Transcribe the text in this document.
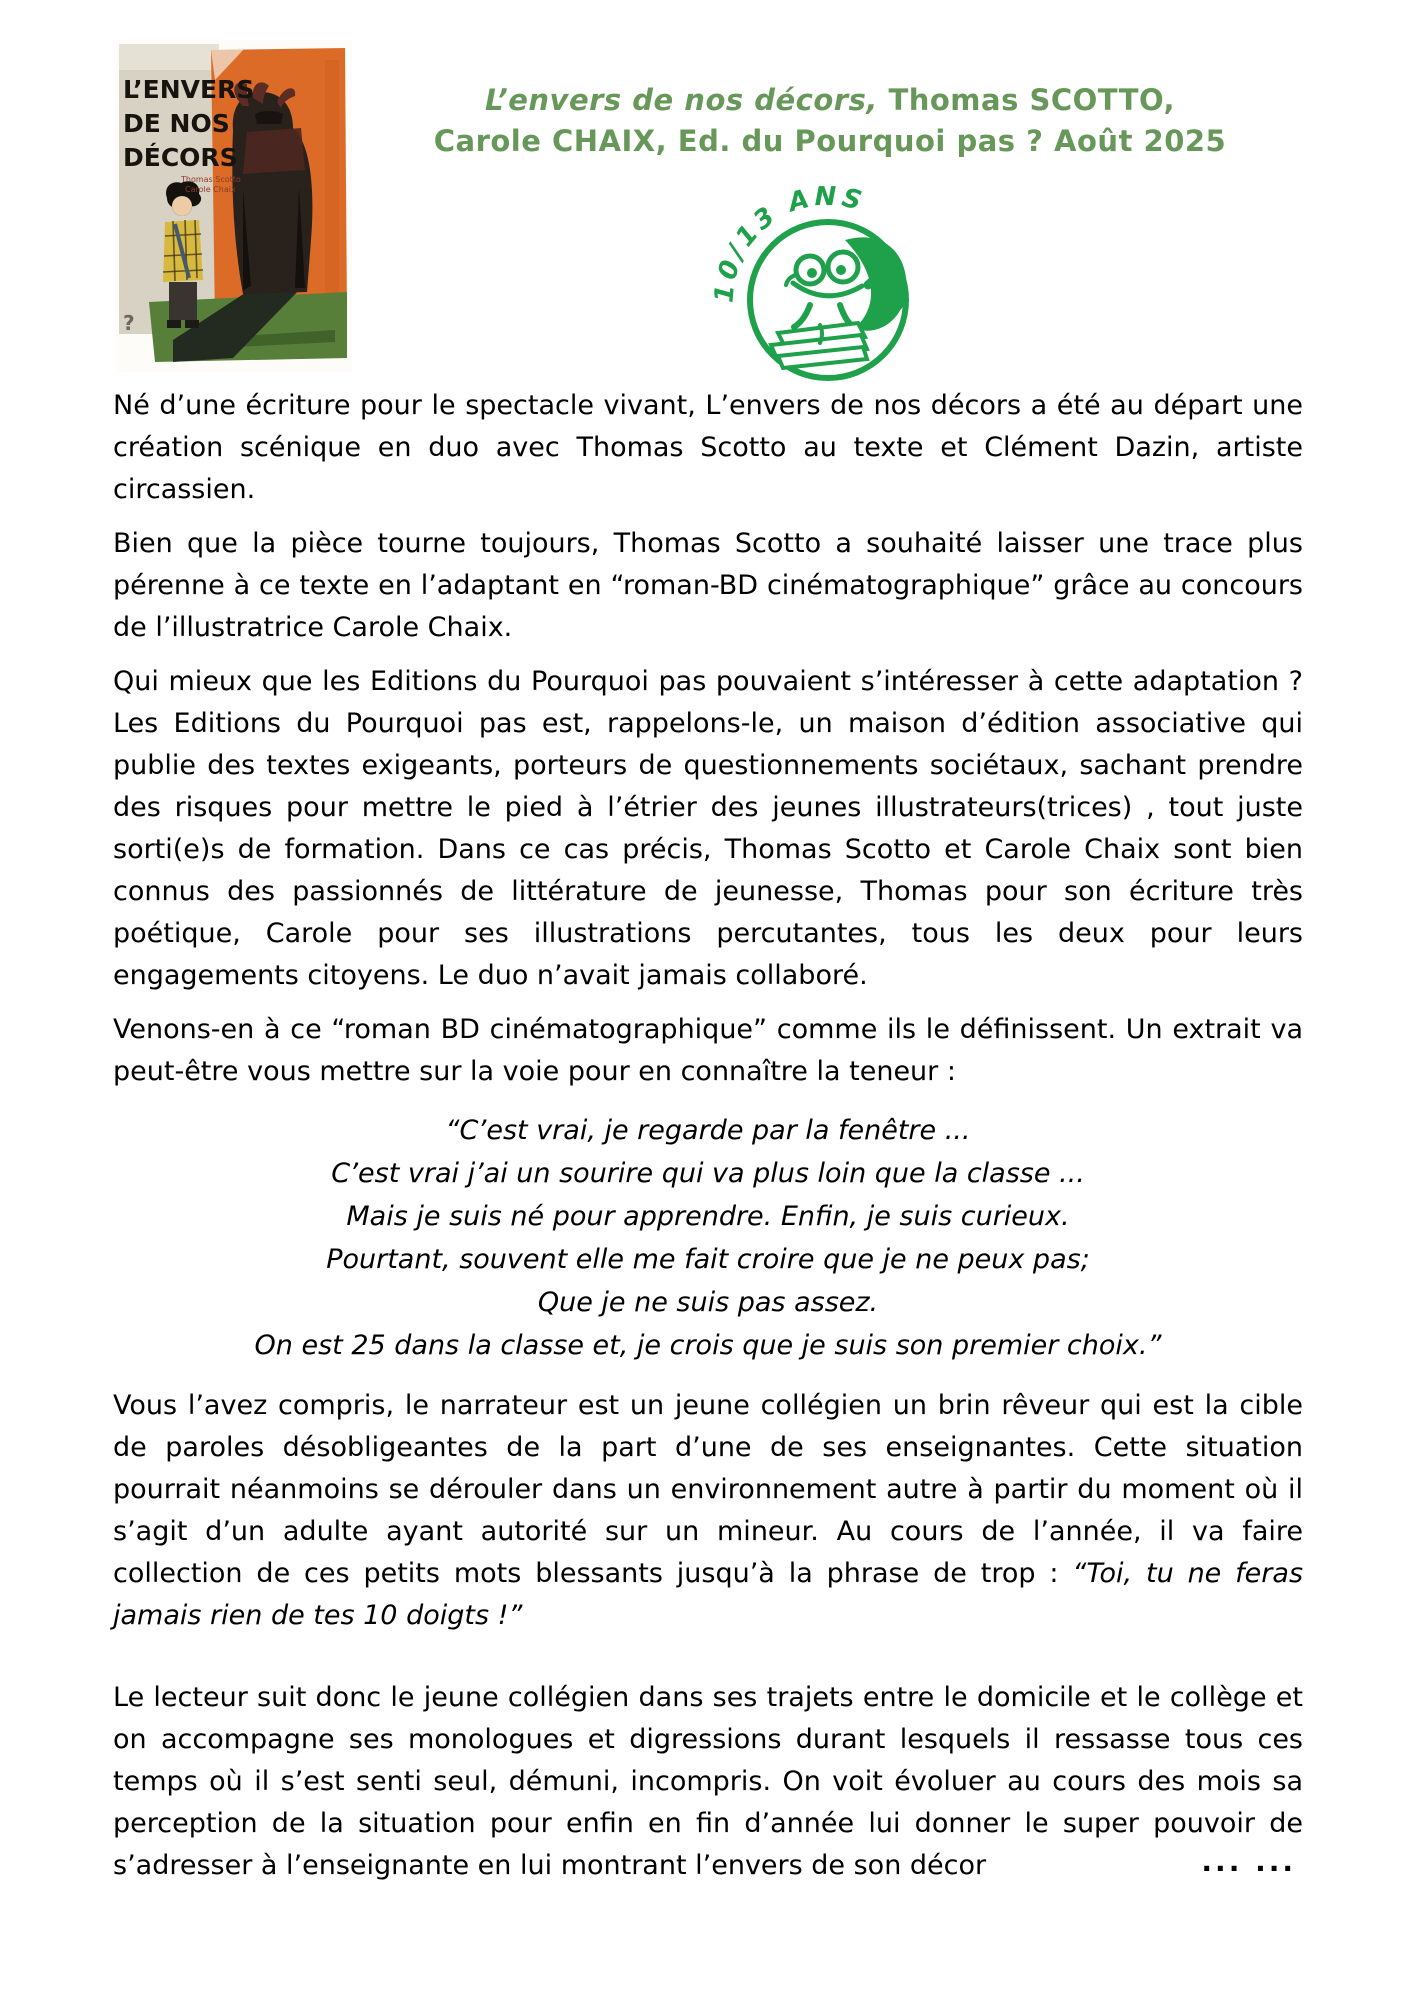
?
L’ENVERS
DE NOS
DÉCORS
Thomas Scotto
Carole Chaix
L’envers de nos décors, Thomas SCOTTO,
Carole CHAIX, Ed. du Pourquoi pas ? Août 2025
10/13 ANS

Né d’une écriture pour le spectacle vivant, L’envers de nos décors a été au départ une création scénique en duo avec Thomas Scotto au texte et Clément Dazin, artiste circassien.

Bien que la pièce tourne toujours, Thomas Scotto a souhaité laisser une trace plus pérenne à ce texte en l’adaptant en “roman-BD cinématographique” grâce au concours de l’illustratrice Carole Chaix.

Qui mieux que les Editions du Pourquoi pas pouvaient s’intéresser à cette adaptation ? Les Editions du Pourquoi pas est, rappelons-le, un maison d’édition associative qui publie des textes exigeants, porteurs de questionnements sociétaux, sachant prendre des risques pour mettre le pied à l’étrier des jeunes illustrateurs(trices) , tout juste sorti(e)s de formation. Dans ce cas précis, Thomas Scotto et Carole Chaix sont bien connus des passionnés de littérature de jeunesse, Thomas pour son écriture très poétique, Carole pour ses illustrations percutantes, tous les deux pour leurs engagements citoyens. Le duo n’avait jamais collaboré.

Venons-en à ce “roman BD cinématographique” comme ils le définissent. Un extrait va peut-être vous mettre sur la voie pour en connaître la teneur :

“C’est vrai, je regarde par la fenêtre ...
C’est vrai j’ai un sourire qui va plus loin que la classe ...
Mais je suis né pour apprendre. Enfin, je suis curieux.
Pourtant, souvent elle me fait croire que je ne peux pas;
Que je ne suis pas assez.
On est 25 dans la classe et, je crois que je suis son premier choix.”

Vous l’avez compris, le narrateur est un jeune collégien un brin rêveur qui est la cible de paroles désobligeantes de la part d’une de ses enseignantes. Cette situation pourrait néanmoins se dérouler dans un environnement autre à partir du moment où il s’agit d’un adulte ayant autorité sur un mineur. Au cours de l’année, il va faire collection de ces petits mots blessants jusqu’à la phrase de trop : “Toi, tu ne feras jamais rien de tes 10 doigts !”

Le lecteur suit donc le jeune collégien dans ses trajets entre le domicile et le collège et on accompagne ses monologues et digressions durant lesquels il ressasse tous ces temps où il s’est senti seul, démuni, incompris. On voit évoluer au cours des mois sa perception de la situation pour enfin en fin d’année lui donner le super pouvoir de s’adresser à l’enseignante en lui montrant l’envers de son décor	... ...
